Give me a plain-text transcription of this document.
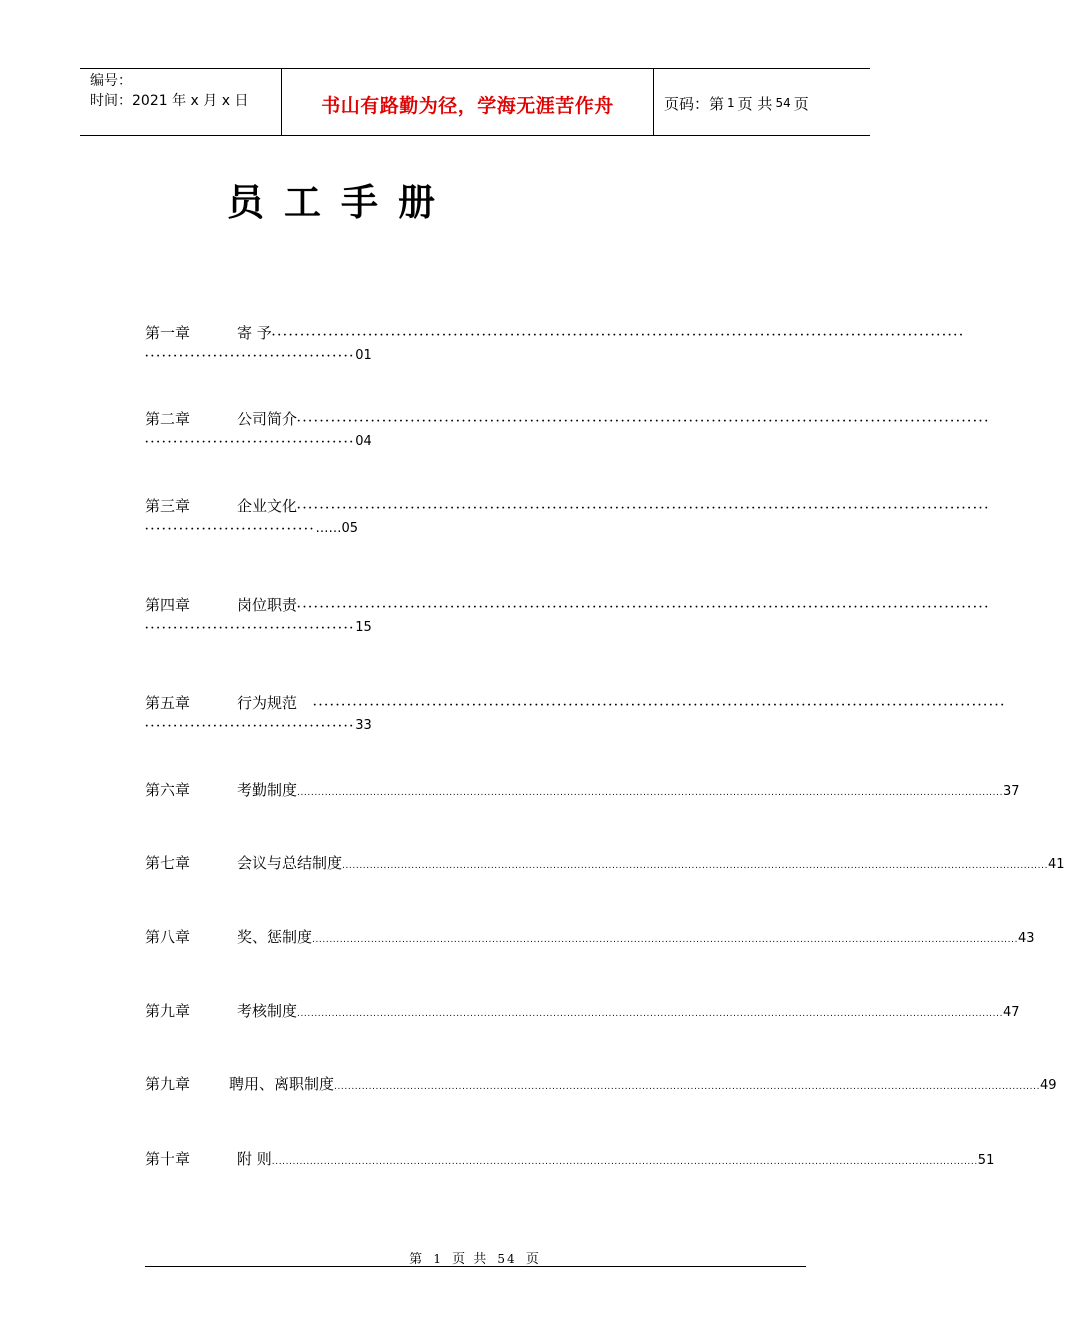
编号：
时间：2021 年 x 月 x 日	书山有路勤为径，学海无涯苦作舟	页码：第 1 页 共 54 页
员工手册
第一章	寄 予 ··························································································································
····································· 01
第二章	公司简介 ··························································································································
····································· 04
第三章	企业文化 ··························································································································
······························ …… 05
第四章	岗位职责 ··························································································································
····································· 15
第五章	行为规范 ··························································································································
····································· 33
第六章	考勤制度 ............................................................................................................................................................................................................ 37
第七章	会议与总结制度 ............................................................................................................................................................................................................ 41
第八章	奖、惩制度 ............................................................................................................................................................................................................ 43
第九章	考核制度 ............................................................................................................................................................................................................ 47
第九章	聘用、离职制度 ............................................................................................................................................................................................................ 49
第十章	附 则 ............................................................................................................................................................................................................ 51
第 1 页 共 54 页
